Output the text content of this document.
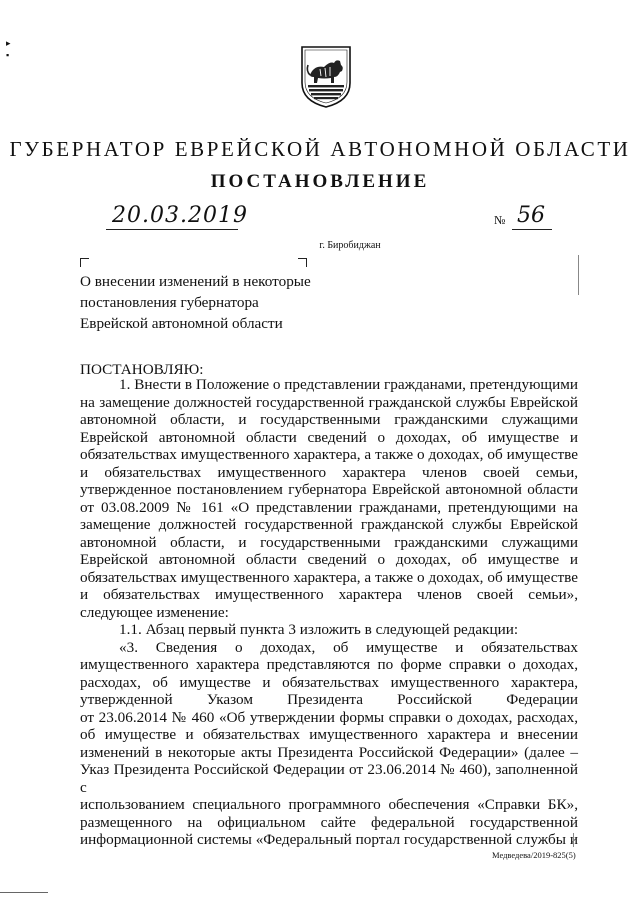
▸
▪
ГУБЕРНАТОР ЕВРЕЙСКОЙ АВТОНОМНОЙ ОБЛАСТИ
ПОСТАНОВЛЕНИЕ
20.03.2019	№ 56
г. Биробиджан
О внесении изменений в некоторые
постановления губернатора
Еврейской автономной области
ПОСТАНОВЛЯЮ:

1. Внести в Положение о представлении гражданами, претендующими

на замещение должностей государственной гражданской службы Еврейской

автономной области, и государственными гражданскими служащими

Еврейской автономной области сведений о доходах, об имуществе и

обязательствах имущественного характера, а также о доходах, об имуществе

и обязательствах имущественного характера членов своей семьи,

утвержденное постановлением губернатора Еврейской автономной области

от 03.08.2009 № 161 «О представлении гражданами, претендующими на

замещение должностей государственной гражданской службы Еврейской

автономной области, и государственными гражданскими служащими

Еврейской автономной области сведений о доходах, об имуществе и

обязательствах имущественного характера, а также о доходах, об имуществе

и обязательствах имущественного характера членов своей семьи»,

следующее изменение:

1.1. Абзац первый пункта 3 изложить в следующей редакции:

«3. Сведения о доходах, об имуществе и обязательствах

имущественного характера представляются по форме справки о доходах,

расходах, об имуществе и обязательствах имущественного характера,

утвержденной Указом Президента Российской Федерации

от 23.06.2014 № 460 «Об утверждении формы справки о доходах, расходах,

об имуществе и обязательствах имущественного характера и внесении

изменений в некоторые акты Президента Российской Федерации» (далее –

Указ Президента Российской Федерации от 23.06.2014 № 460), заполненной с

использованием специального программного обеспечения «Справки БК»,

размещенного на официальном сайте федеральной государственной

информационной системы «Федеральный портал государственной службы и

Медведева/2019-825(5)
